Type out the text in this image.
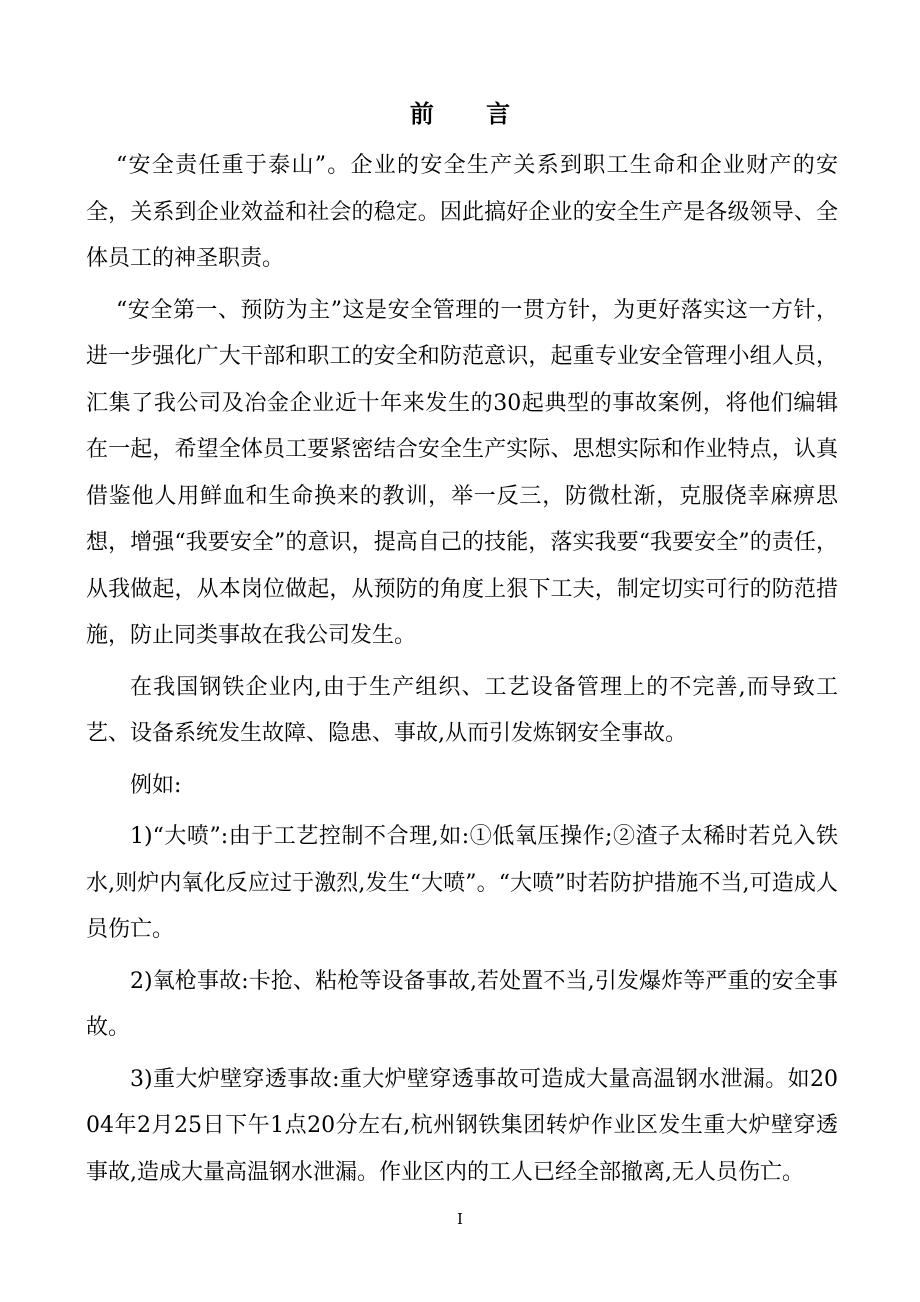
前 言

“安全责任重于泰山”。企业的安全生产关系到职工生命和企业财产的安全，关系到企业效益和社会的稳定。因此搞好企业的安全生产是各级领导、全体员工的神圣职责。

“安全第一、预防为主”这是安全管理的一贯方针，为更好落实这一方针，进一步强化广大干部和职工的安全和防范意识，起重专业安全管理小组人员，汇集了我公司及冶金企业近十年来发生的30起典型的事故案例，将他们编辑在一起，希望全体员工要紧密结合安全生产实际、思想实际和作业特点，认真借鉴他人用鲜血和生命换来的教训，举一反三，防微杜渐，克服侥幸麻痹思想，增强“我要安全”的意识，提高自己的技能，落实我要“我要安全”的责任，从我做起，从本岗位做起，从预防的角度上狠下工夫，制定切实可行的防范措施，防止同类事故在我公司发生。

在我国钢铁企业内,由于生产组织、工艺设备管理上的不完善,而导致工艺、设备系统发生故障、隐患、事故,从而引发炼钢安全事故。

例如:

1)“大喷”:由于工艺控制不合理,如:①低氧压操作;②渣子太稀时若兑入铁水,则炉内氧化反应过于激烈,发生“大喷”。“大喷”时若防护措施不当,可造成人员伤亡。

2)氧枪事故:卡抢、粘枪等设备事故,若处置不当,引发爆炸等严重的安全事故。

3)重大炉壁穿透事故:重大炉壁穿透事故可造成大量高温钢水泄漏。如2004年2月25日下午1点20分左右,杭州钢铁集团转炉作业区发生重大炉壁穿透事故,造成大量高温钢水泄漏。作业区内的工人已经全部撤离,无人员伤亡。

I
